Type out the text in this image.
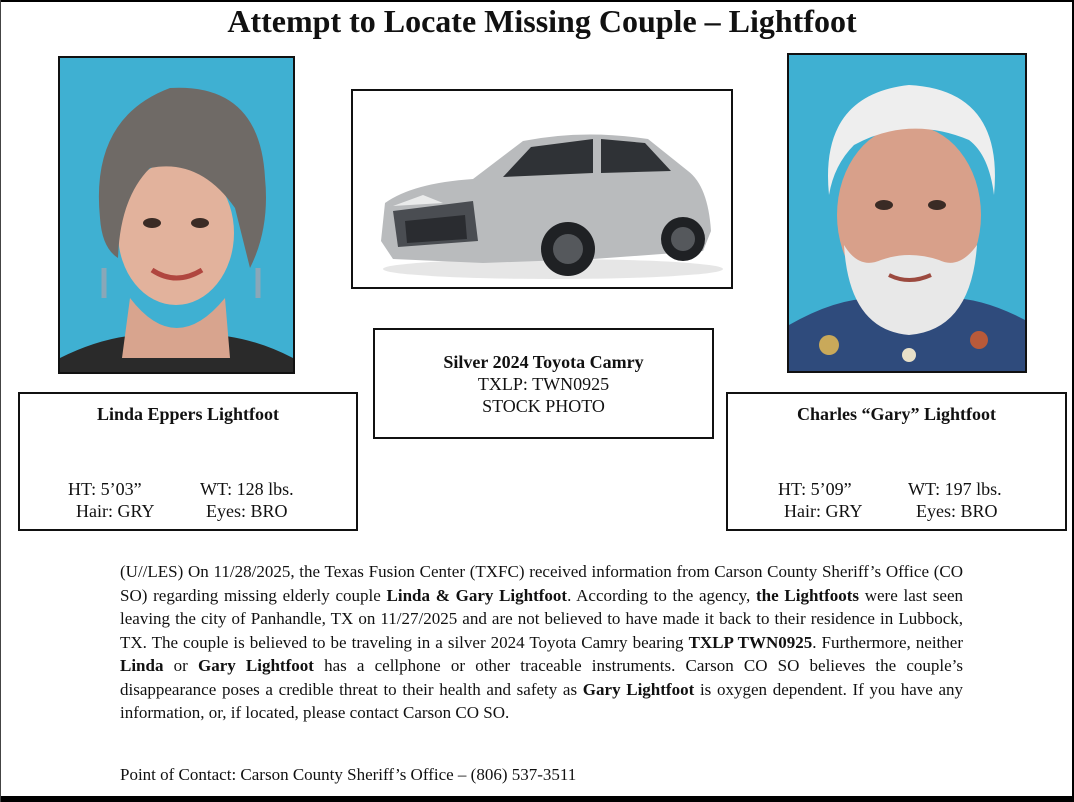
Attempt to Locate Missing Couple – Lightfoot
Linda Eppers Lightfoot
HT: 5’03”	WT: 128 lbs.
Hair: GRY	Eyes: BRO
Silver 2024 Toyota Camry
TXLP: TWN0925
STOCK PHOTO	Charles “Gary” Lightfoot
HT: 5’09”	WT: 197 lbs.
Hair: GRY	Eyes: BRO
(U//LES) On 11/28/2025, the Texas Fusion Center (TXFC) received information from Carson County Sheriff’s Office (CO SO) regarding missing elderly couple Linda & Gary Lightfoot. According to the agency, the Lightfoots were last seen leaving the city of Panhandle, TX on 11/27/2025 and are not believed to have made it back to their residence in Lubbock, TX. The couple is believed to be traveling in a silver 2024 Toyota Camry bearing TXLP TWN0925. Furthermore, neither Linda or Gary Lightfoot has a cellphone or other traceable instruments. Carson CO SO believes the couple’s disappearance poses a credible threat to their health and safety as Gary Lightfoot is oxygen dependent. If you have any information, or, if located, please contact Carson CO SO.
Point of Contact: Carson County Sheriff’s Office – (806) 537-3511
